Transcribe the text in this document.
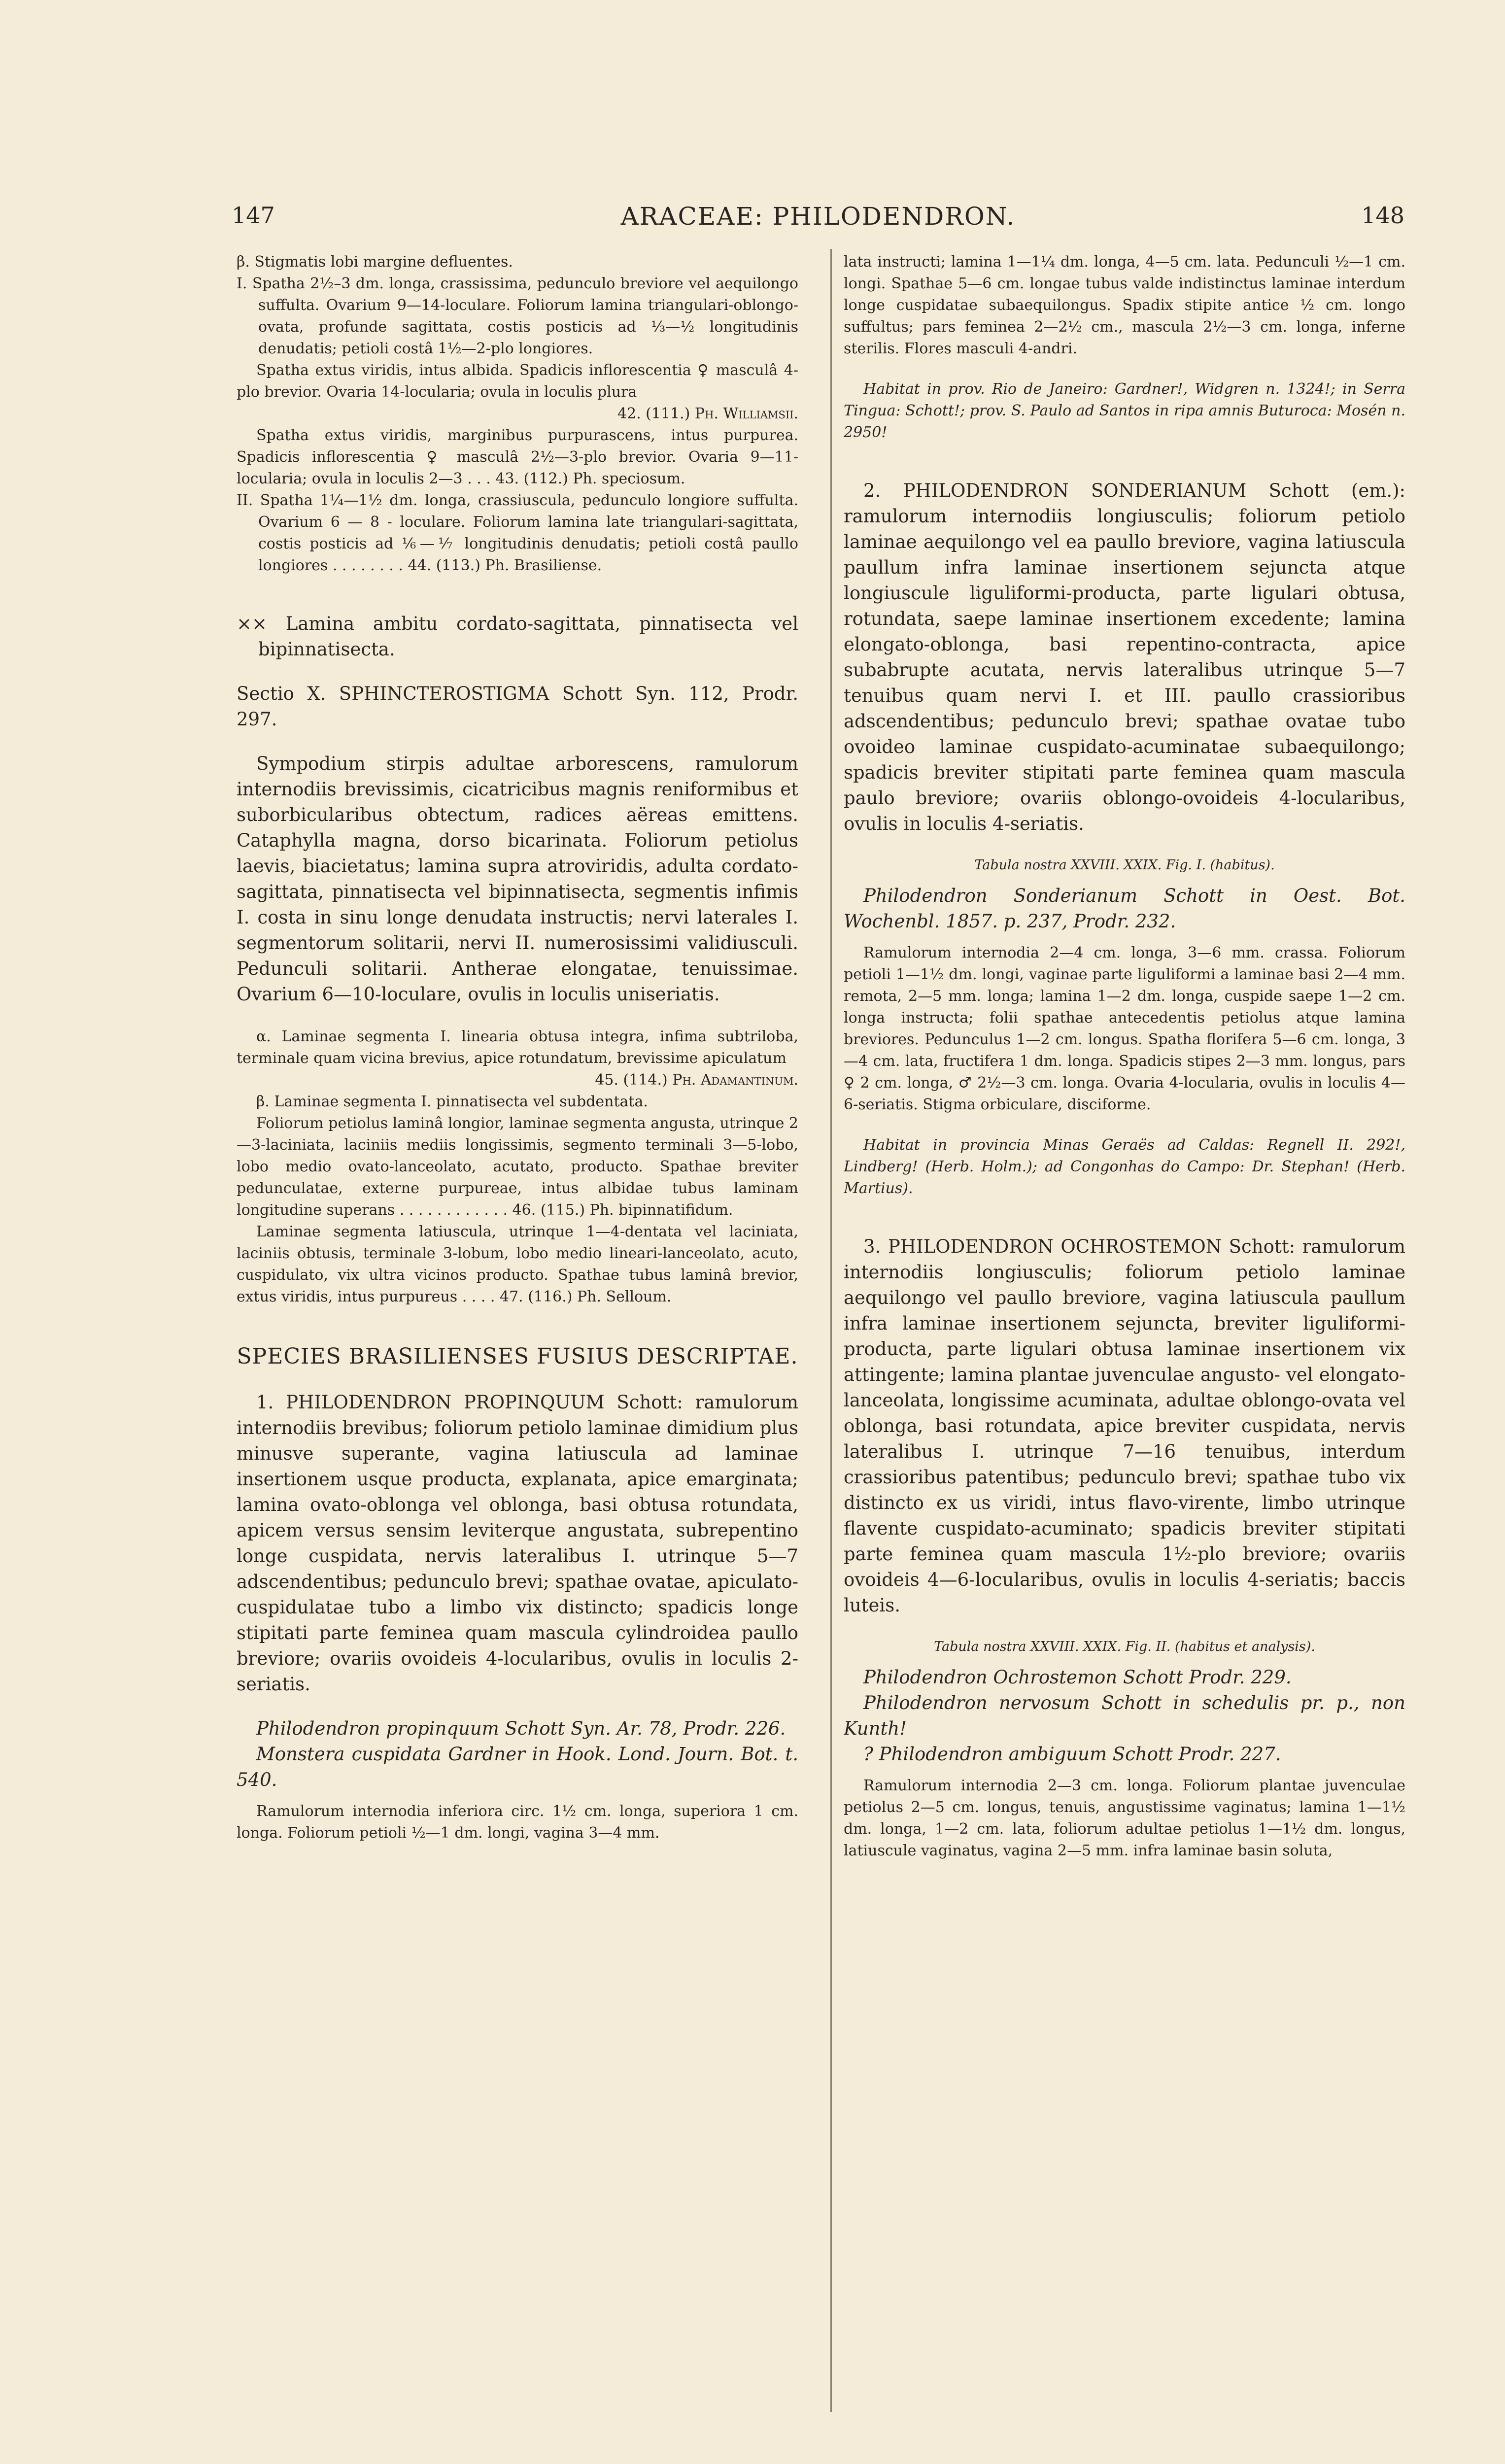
147	ARACEAE: PHILODENDRON.	148

β. Stigmatis lobi margine defluentes.

I. Spatha 2½–3 dm. longa, crassissima, pedunculo breviore vel aequilongo suffulta. Ovarium 9—14-loculare. Foliorum lamina triangulari-oblongo-ovata, profunde sagittata, costis posticis ad ⅓—½ longitudinis denudatis; petioli costâ 1½—2-plo longiores.

Spatha extus viridis, intus albida. Spadicis inflorescentia ♀ masculâ 4-plo brevior. Ovaria 14-locularia; ovula in loculis plura

42. (111.) Ph. Williamsii.

Spatha extus viridis, marginibus purpurascens, intus purpurea. Spadicis inflorescentia ♀ masculâ 2½—3-plo brevior. Ovaria 9—11-locularia; ovula in loculis 2—3 . . . 43. (112.) Ph. speciosum.

II. Spatha 1¼—1½ dm. longa, crassiuscula, pedunculo longiore suffulta. Ovarium 6 — 8 - loculare. Foliorum lamina late triangulari-sagittata, costis posticis ad ⅙—⅐ longitudinis denudatis; petioli costâ paullo longiores . . . . . . . . 44. (113.) Ph. Brasiliense.

⨯⨯ Lamina ambitu cordato-sagittata, pinnatisecta vel bipinnatisecta.

Sectio X. SPHINCTEROSTIGMA Schott Syn. 112, Prodr. 297.

Sympodium stirpis adultae arborescens, ramulorum internodiis brevissimis, cicatricibus magnis reniformibus et suborbicularibus obtectum, radices aëreas emittens. Cataphylla magna, dorso bicarinata. Foliorum petiolus laevis, biacietatus; lamina supra atroviridis, adulta cordato-sagittata, pinnatisecta vel bipinnatisecta, segmentis infimis I. costa in sinu longe denudata instructis; nervi laterales I. segmentorum solitarii, nervi II. numerosissimi validiusculi. Pedunculi solitarii. Antherae elongatae, tenuissimae. Ovarium 6—10-loculare, ovulis in loculis uniseriatis.

α. Laminae segmenta I. linearia obtusa integra, infima subtriloba, terminale quam vicina brevius, apice rotundatum, brevissime apiculatum

45. (114.) Ph. Adamantinum.

β. Laminae segmenta I. pinnatisecta vel subdentata.

Foliorum petiolus laminâ longior, laminae segmenta angusta, utrinque 2—3-laciniata, laciniis mediis longissimis, segmento terminali 3—5-lobo, lobo medio ovato-lanceolato, acutato, producto. Spathae breviter pedunculatae, externe purpureae, intus albidae tubus laminam longitudine superans . . . . . . . . . . . . 46. (115.) Ph. bipinnatifidum.

Laminae segmenta latiuscula, utrinque 1—4-dentata vel laciniata, laciniis obtusis, terminale 3-lobum, lobo medio lineari-lanceolato, acuto, cuspidulato, vix ultra vicinos producto. Spathae tubus laminâ brevior, extus viridis, intus purpureus . . . . 47. (116.) Ph. Selloum.

SPECIES BRASILIENSES FUSIUS DESCRIPTAE.

1. PHILODENDRON PROPINQUUM Schott: ramulorum internodiis brevibus; foliorum petiolo laminae dimidium plus minusve superante, vagina latiuscula ad laminae insertionem usque producta, explanata, apice emarginata; lamina ovato-oblonga vel oblonga, basi obtusa rotundata, apicem versus sensim leviterque angustata, subrepentino longe cuspidata, nervis lateralibus I. utrinque 5—7 adscendentibus; pedunculo brevi; spathae ovatae, apiculato-cuspidulatae tubo a limbo vix distincto; spadicis longe stipitati parte feminea quam mascula cylindroidea paullo breviore; ovariis ovoideis 4-locularibus, ovulis in loculis 2-seriatis.

Philodendron propinquum Schott Syn. Ar. 78, Prodr. 226.

Monstera cuspidata Gardner in Hook. Lond. Journ. Bot. t. 540.

Ramulorum internodia inferiora circ. 1½ cm. longa, superiora 1 cm. longa. Foliorum petioli ½—1 dm. longi, vagina 3—4 mm.

lata instructi; lamina 1—1¼ dm. longa, 4—5 cm. lata. Pedunculi ½—1 cm. longi. Spathae 5—6 cm. longae tubus valde indistinctus laminae interdum longe cuspidatae subaequilongus. Spadix stipite antice ½ cm. longo suffultus; pars feminea 2—2½ cm., mascula 2½—3 cm. longa, inferne sterilis. Flores masculi 4-andri.

Habitat in prov. Rio de Janeiro: Gardner!, Widgren n. 1324!; in Serra Tingua: Schott!; prov. S. Paulo ad Santos in ripa amnis Buturoca: Mosén n. 2950!

2. PHILODENDRON SONDERIANUM Schott (em.): ramulorum internodiis longiusculis; foliorum petiolo laminae aequilongo vel ea paullo breviore, vagina latiuscula paullum infra laminae insertionem sejuncta atque longiuscule liguliformi-producta, parte ligulari obtusa, rotundata, saepe laminae insertionem excedente; lamina elongato-oblonga, basi repentino-contracta, apice subabrupte acutata, nervis lateralibus utrinque 5—7 tenuibus quam nervi I. et III. paullo crassioribus adscendentibus; pedunculo brevi; spathae ovatae tubo ovoideo laminae cuspidato-acuminatae subaequilongo; spadicis breviter stipitati parte feminea quam mascula paulo breviore; ovariis oblongo-ovoideis 4-locularibus, ovulis in loculis 4-seriatis.

Tabula nostra XXVIII. XXIX. Fig. I. (habitus).

Philodendron Sonderianum Schott in Oest. Bot. Wochenbl. 1857. p. 237, Prodr. 232.

Ramulorum internodia 2—4 cm. longa, 3—6 mm. crassa. Foliorum petioli 1—1½ dm. longi, vaginae parte liguliformi a laminae basi 2—4 mm. remota, 2—5 mm. longa; lamina 1—2 dm. longa, cuspide saepe 1—2 cm. longa instructa; folii spathae antecedentis petiolus atque lamina breviores. Pedunculus 1—2 cm. longus. Spatha florifera 5—6 cm. longa, 3—4 cm. lata, fructifera 1 dm. longa. Spadicis stipes 2—3 mm. longus, pars ♀ 2 cm. longa, ♂ 2½—3 cm. longa. Ovaria 4-locularia, ovulis in loculis 4—6-seriatis. Stigma orbiculare, disciforme.

Habitat in provincia Minas Geraës ad Caldas: Regnell II. 292!, Lindberg! (Herb. Holm.); ad Congonhas do Campo: Dr. Stephan! (Herb. Martius).

3. PHILODENDRON OCHROSTEMON Schott: ramulorum internodiis longiusculis; foliorum petiolo laminae aequilongo vel paullo breviore, vagina latiuscula paullum infra laminae insertionem sejuncta, breviter liguliformi-producta, parte ligulari obtusa laminae insertionem vix attingente; lamina plantae juvenculae angusto- vel elongato-lanceolata, longissime acuminata, adultae oblongo-ovata vel oblonga, basi rotundata, apice breviter cuspidata, nervis lateralibus I. utrinque 7—16 tenuibus, interdum crassioribus patentibus; pedunculo brevi; spathae tubo vix distincto ex us viridi, intus flavo-virente, limbo utrinque flavente cuspidato-acuminato; spadicis breviter stipitati parte feminea quam mascula 1½-plo breviore; ovariis ovoideis 4—6-locularibus, ovulis in loculis 4-seriatis; baccis luteis.

Tabula nostra XXVIII. XXIX. Fig. II. (habitus et analysis).

Philodendron Ochrostemon Schott Prodr. 229.

Philodendron nervosum Schott in schedulis pr. p., non Kunth!

? Philodendron ambiguum Schott Prodr. 227.

Ramulorum internodia 2—3 cm. longa. Foliorum plantae juvenculae petiolus 2—5 cm. longus, tenuis, angustissime vaginatus; lamina 1—1½ dm. longa, 1—2 cm. lata, foliorum adultae petiolus 1—1½ dm. longus, latiuscule vaginatus, vagina 2—5 mm. infra laminae basin soluta,
